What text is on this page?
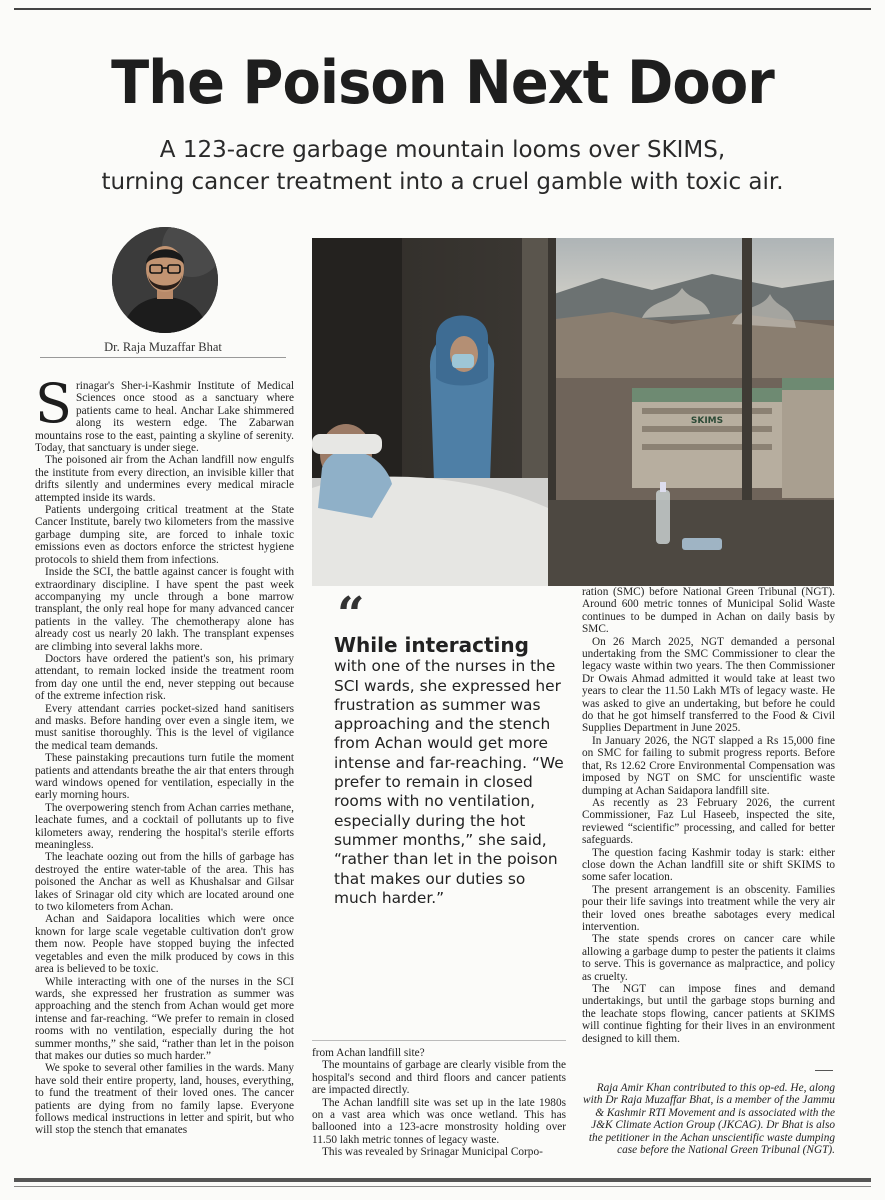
The Poison Next Door
A 123-acre garbage mountain looms over SKIMS,
turning cancer treatment into a cruel gamble with toxic air.
Dr. Raja Muzaffar Bhat
SKIMS
S rinagar's Sher-i-Kashmir Institute of Medical Sciences once stood as a sanctuary where patients came to heal. Anchar Lake shimmered along its western edge. The Zabarwan mountains rose to the east, painting a skyline of serenity. Today, that sanctuary is under siege.

The poisoned air from the Achan landfill now engulfs the institute from every direction, an invisible killer that drifts silently and undermines every medical miracle attempted inside its wards.

Patients undergoing critical treatment at the State Cancer Institute, barely two kilometers from the massive garbage dumping site, are forced to inhale toxic emissions even as doctors enforce the strictest hygiene protocols to shield them from infections.

Inside the SCI, the battle against cancer is fought with extraordinary discipline. I have spent the past week accompanying my uncle through a bone marrow transplant, the only real hope for many advanced cancer patients in the valley. The chemotherapy alone has already cost us nearly 20 lakh. The transplant expenses are climbing into several lakhs more.

Doctors have ordered the patient's son, his primary attendant, to remain locked inside the treatment room from day one until the end, never stepping out because of the extreme infection risk.

Every attendant carries pocket-sized hand sanitisers and masks. Before handing over even a single item, we must sanitise thoroughly. This is the level of vigilance the medical team demands.

These painstaking precautions turn futile the moment patients and attendants breathe the air that enters through ward windows opened for ventilation, especially in the early morning hours.

The overpowering stench from Achan carries methane, leachate fumes, and a cocktail of pollutants up to five kilometers away, rendering the hospital's sterile efforts meaningless.

The leachate oozing out from the hills of garbage has destroyed the entire water-table of the area. This has poisoned the Anchar as well as Khushalsar and Gilsar lakes of Srinagar old city which are located around one to two kilometers from Achan.

Achan and Saidapora localities which were once known for large scale vegetable cultivation don't grow them now. People have stopped buying the infected vegetables and even the milk produced by cows in this area is believed to be toxic.

While interacting with one of the nurses in the SCI wards, she expressed her frustration as summer was approaching and the stench from Achan would get more intense and far-reaching. “We prefer to remain in closed rooms with no ventilation, especially during the hot summer months,” she said, “rather than let in the poison that makes our duties so much harder.”

We spoke to several other families in the wards. Many have sold their entire property, land, houses, everything, to fund the treatment of their loved ones. The cancer patients are dying from no family lapse. Everyone follows medical instructions in letter and spirit, but who will stop the stench that emanates

“
While interacting with one of the nurses in the SCI wards, she expressed her frustration as summer was approaching and the stench from Achan would get more intense and far-reaching. “We prefer to remain in closed rooms with no ventilation, especially during the hot summer months,” she said, “rather than let in the poison that makes our duties so much harder.”

from Achan landfill site?

The mountains of garbage are clearly visible from the hospital's second and third floors and cancer patients are impacted directly.

The Achan landfill site was set up in the late 1980s on a vast area which was once wetland. This has ballooned into a 123-acre monstrosity holding over 11.50 lakh metric tonnes of legacy waste.

This was revealed by Srinagar Municipal Corpo-

ration (SMC) before National Green Tribunal (NGT). Around 600 metric tonnes of Municipal Solid Waste continues to be dumped in Achan on daily basis by SMC.

On 26 March 2025, NGT demanded a personal undertaking from the SMC Commissioner to clear the legacy waste within two years. The then Commissioner Dr Owais Ahmad admitted it would take at least two years to clear the 11.50 Lakh MTs of legacy waste. He was asked to give an undertaking, but before he could do that he got himself transferred to the Food & Civil Supplies Department in June 2025.

In January 2026, the NGT slapped a Rs 15,000 fine on SMC for failing to submit progress reports. Before that, Rs 12.62 Crore Environmental Compensation was imposed by NGT on SMC for unscientific waste dumping at Achan Saidapora landfill site.

As recently as 23 February 2026, the current Commissioner, Faz Lul Haseeb, inspected the site, reviewed “scientific” processing, and called for better safeguards.

The question facing Kashmir today is stark: either close down the Achan landfill site or shift SKIMS to some safer location.

The present arrangement is an obscenity. Families pour their life savings into treatment while the very air their loved ones breathe sabotages every medical intervention.

The state spends crores on cancer care while allowing a garbage dump to pester the patients it claims to serve. This is governance as malpractice, and policy as cruelty.

The NGT can impose fines and demand undertakings, but until the garbage stops burning and the leachate stops flowing, cancer patients at SKIMS will continue fighting for their lives in an environment designed to kill them.

Raja Amir Khan contributed to this op-ed. He, along with Dr Raja Muzaffar Bhat, is a member of the Jammu & Kashmir RTI Movement and is associated with the J&K Climate Action Group (JKCAG). Dr Bhat is also the petitioner in the Achan unscientific waste dumping case before the National Green Tribunal (NGT).
